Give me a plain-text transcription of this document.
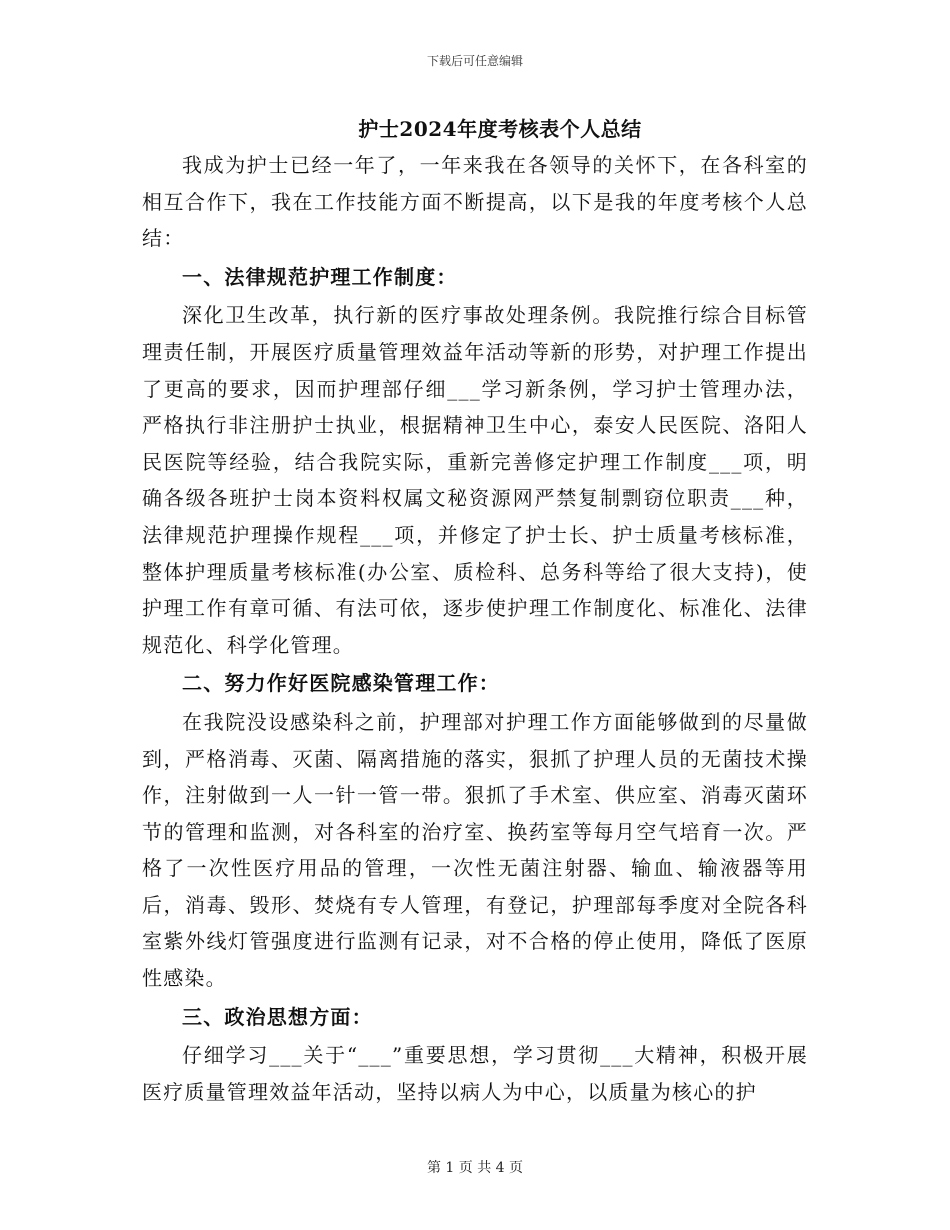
下载后可任意编辑
护士2024年度考核表个人总结

我成为护士已经一年了，一年来我在各领导的关怀下，在各科室的相互合作下，我在工作技能方面不断提高，以下是我的年度考核个人总结：

一、法律规范护理工作制度：

深化卫生改革，执行新的医疗事故处理条例。我院推行综合目标管理责任制，开展医疗质量管理效益年活动等新的形势，对护理工作提出了更高的要求，因而护理部仔细___学习新条例，学习护士管理办法，严格执行非注册护士执业，根据精神卫生中心，泰安人民医院、洛阳人民医院等经验，结合我院实际，重新完善修定护理工作制度___项，明确各级各班护士岗本资料权属文秘资源网严禁复制剽窃位职责___种，法律规范护理操作规程___项，并修定了护士长、护士质量考核标准，整体护理质量考核标准(办公室、质检科、总务科等给了很大支持)，使护理工作有章可循、有法可依，逐步使护理工作制度化、标准化、法律规范化、科学化管理。

二、努力作好医院感染管理工作：

在我院没设感染科之前，护理部对护理工作方面能够做到的尽量做到，严格消毒、灭菌、隔离措施的落实，狠抓了护理人员的无菌技术操作，注射做到一人一针一管一带。狠抓了手术室、供应室、消毒灭菌环节的管理和监测，对各科室的治疗室、换药室等每月空气培育一次。严格了一次性医疗用品的管理，一次性无菌注射器、输血、输液器等用后，消毒、毁形、焚烧有专人管理，有登记，护理部每季度对全院各科室紫外线灯管强度进行监测有记录，对不合格的停止使用，降低了医原性感染。

三、政治思想方面：

仔细学习___关于“___”重要思想，学习贯彻___大精神，积极开展医疗质量管理效益年活动，坚持以病人为中心，以质量为核心的护

第 1 页 共 4 页
